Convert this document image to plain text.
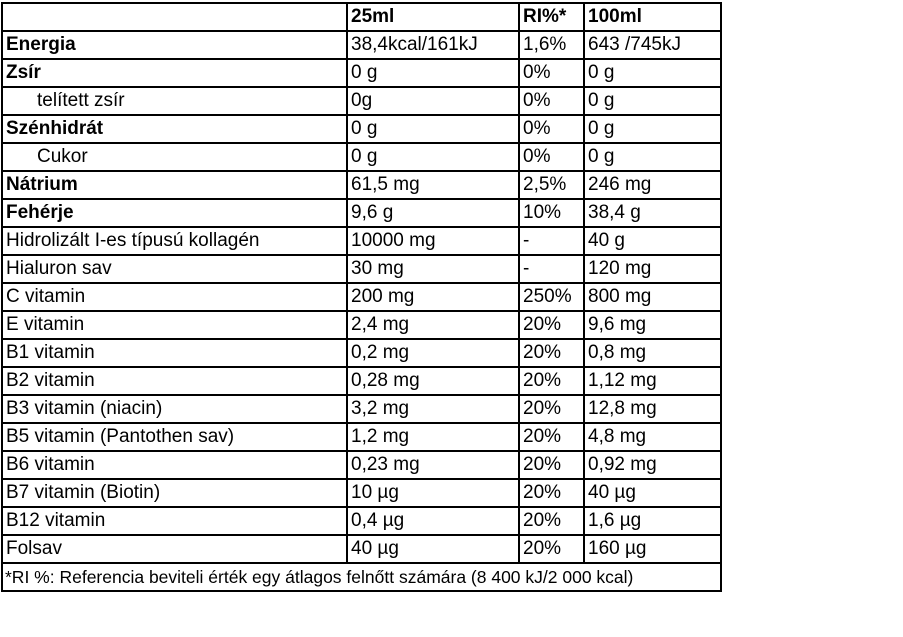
	25ml	RI%*	100ml
Energia	38,4kcal/161kJ	1,6%	643 /745kJ
Zsír	0 g	0%	0 g
telített zsír	0g	0%	0 g
Szénhidrát	0 g	0%	0 g
Cukor	0 g	0%	0 g
Nátrium	61,5 mg	2,5%	246 mg
Fehérje	9,6 g	10%	38,4 g
Hidrolizált I-es típusú kollagén	10000 mg	-	40 g
Hialuron sav	30 mg	-	120 mg
C vitamin	200 mg	250%	800 mg
E vitamin	2,4 mg	20%	9,6 mg
B1 vitamin	0,2 mg	20%	0,8 mg
B2 vitamin	0,28 mg	20%	1,12 mg
B3 vitamin (niacin)	3,2 mg	20%	12,8 mg
B5 vitamin (Pantothen sav)	1,2 mg	20%	4,8 mg
B6 vitamin	0,23 mg	20%	0,92 mg
B7 vitamin (Biotin)	10 µg	20%	40 µg
B12 vitamin	0,4 µg	20%	1,6 µg
Folsav	40 µg	20%	160 µg
*RI %: Referencia beviteli érték egy átlagos felnőtt számára (8 400 kJ/2 000 kcal)			
